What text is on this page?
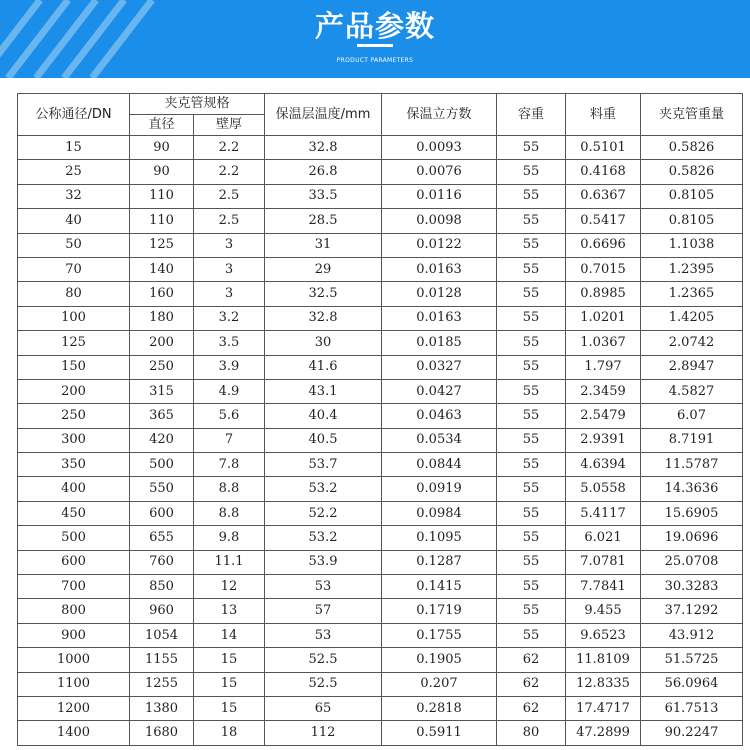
产品参数
PRODUCT PARAMETERS
公称通径/DN	夹克管规格		保温层温度/mm	保温立方数	容重	料重	夹克管重量
	直径	壁厚					
15	90	2.2	32.8	0.0093	55	0.5101	0.5826
25	90	2.2	26.8	0.0076	55	0.4168	0.5826
32	110	2.5	33.5	0.0116	55	0.6367	0.8105
40	110	2.5	28.5	0.0098	55	0.5417	0.8105
50	125	3	31	0.0122	55	0.6696	1.1038
70	140	3	29	0.0163	55	0.7015	1.2395
80	160	3	32.5	0.0128	55	0.8985	1.2365
100	180	3.2	32.8	0.0163	55	1.0201	1.4205
125	200	3.5	30	0.0185	55	1.0367	2.0742
150	250	3.9	41.6	0.0327	55	1.797	2.8947
200	315	4.9	43.1	0.0427	55	2.3459	4.5827
250	365	5.6	40.4	0.0463	55	2.5479	6.07
300	420	7	40.5	0.0534	55	2.9391	8.7191
350	500	7.8	53.7	0.0844	55	4.6394	11.5787
400	550	8.8	53.2	0.0919	55	5.0558	14.3636
450	600	8.8	52.2	0.0984	55	5.4117	15.6905
500	655	9.8	53.2	0.1095	55	6.021	19.0696
600	760	11.1	53.9	0.1287	55	7.0781	25.0708
700	850	12	53	0.1415	55	7.7841	30.3283
800	960	13	57	0.1719	55	9.455	37.1292
900	1054	14	53	0.1755	55	9.6523	43.912
1000	1155	15	52.5	0.1905	62	11.8109	51.5725
1100	1255	15	52.5	0.207	62	12.8335	56.0964
1200	1380	15	65	0.2818	62	17.4717	61.7513
1400	1680	18	112	0.5911	80	47.2899	90.2247
